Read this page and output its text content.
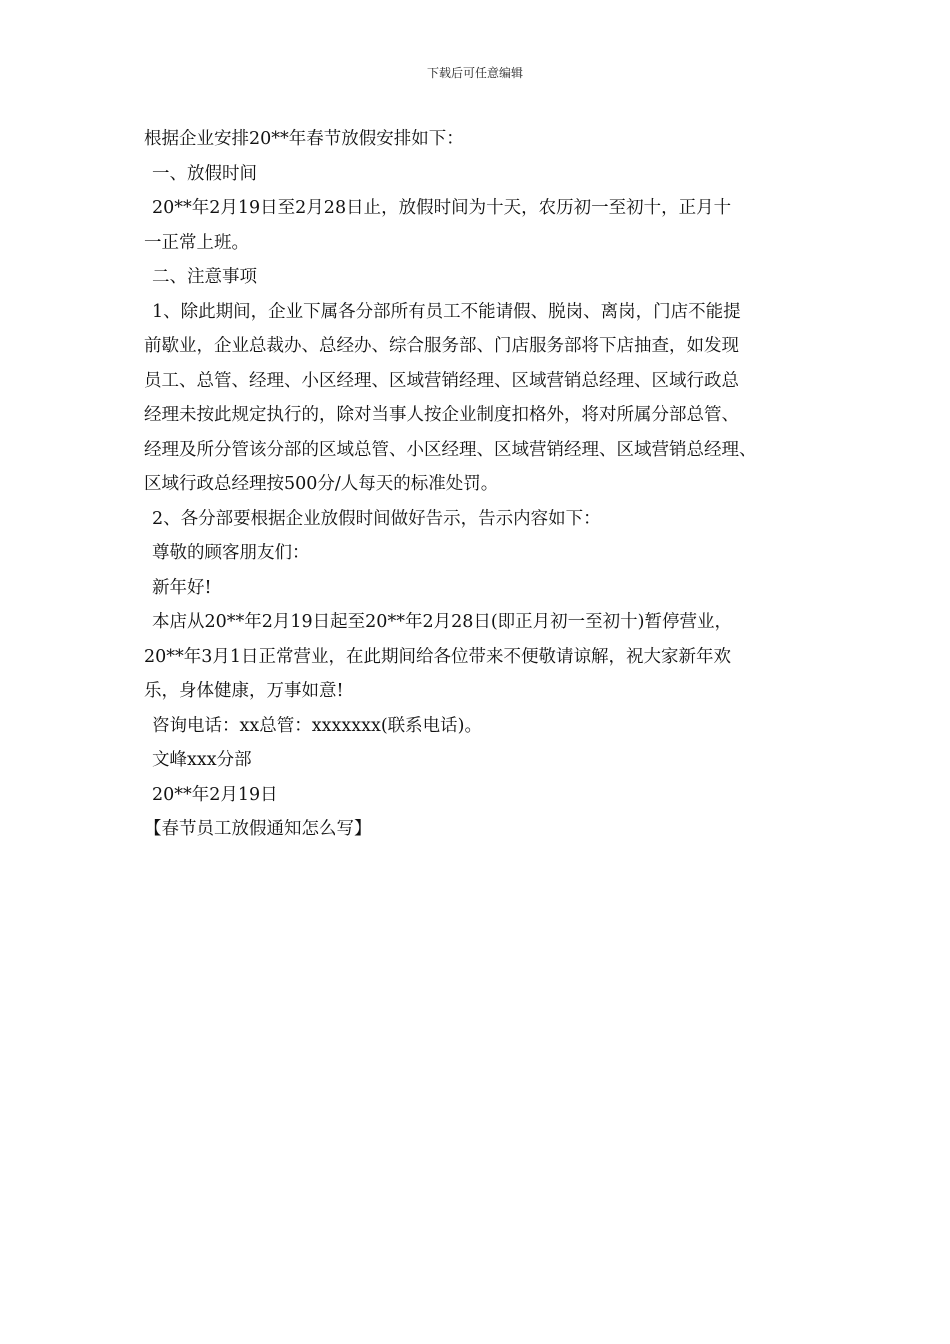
下载后可任意编辑
根据企业安排20**年春节放假安排如下：
一、放假时间
20**年2月19日至2月28日止，放假时间为十天，农历初一至初十，正月十
一正常上班。
二、注意事项
1、除此期间，企业下属各分部所有员工不能请假、脱岗、离岗，门店不能提
前歇业，企业总裁办、总经办、综合服务部、门店服务部将下店抽查，如发现
员工、总管、经理、小区经理、区域营销经理、区域营销总经理、区域行政总
经理未按此规定执行的，除对当事人按企业制度扣格外，将对所属分部总管、
经理及所分管该分部的区域总管、小区经理、区域营销经理、区域营销总经理、
区域行政总经理按500分/人每天的标准处罚。
2、各分部要根据企业放假时间做好告示，告示内容如下：
尊敬的顾客朋友们：
新年好!
本店从20**年2月19日起至20**年2月28日(即正月初一至初十)暂停营业，
20**年3月1日正常营业，在此期间给各位带来不便敬请谅解，祝大家新年欢
乐，身体健康，万事如意!
咨询电话：xx总管：xxxxxxx(联系电话)。
文峰xxx分部
20**年2月19日
【春节员工放假通知怎么写】
